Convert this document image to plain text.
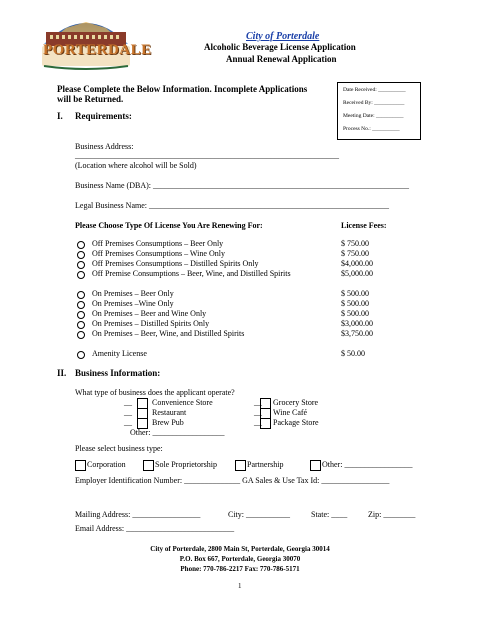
PORTERDALE
City of Porterdale
Alcoholic Beverage License Application
Annual Renewal Application
Date Received: __________
Received By: ___________
Meeting Date: __________
Process No.: __________
Please Complete the Below Information. Incomplete Applications
will be Returned.
I. Requirements:
Business Address:
__________________________________________________________________
(Location where alcohol will be Sold)
Business Name (DBA): ________________________________________________________________
Legal Business Name: ____________________________________________________________
Please Choose Type Of License You Are Renewing For:	License Fees:
Off Premises Consumptions – Beer Only	$ 750.00
Off Premises Consumptions – Wine Only	$ 750.00
Off Premises Consumptions – Distilled Spirits Only	$4,000.00
Off Premise Consumptions – Beer, Wine, and Distilled Spirits	$5,000.00
On Premises – Beer Only	$ 500.00
On Premises –Wine Only	$ 500.00
On Premises – Beer and Wine Only	$ 500.00
On Premises – Distilled Spirits Only	$3,000.00
On Premises – Beer, Wine, and Distilled Spirits	$3,750.00
Amenity License	$ 50.00
II. Business Information:
What type of business does the applicant operate?
__	Convenience Store
__	Restaurant
__	Brew Pub
__ Grocery Store
__ Wine Café
__ Package Store
Other: __________________
Please select business type:
Corporation	Sole Proprietorship	Partnership	Other: _________________
Employer Identification Number: ______________ GA Sales & Use Tax Id: _________________
Mailing Address: _________________	City: ___________	State: ____	Zip: ________
Email Address: ___________________________
City of Porterdale, 2800 Main St, Porterdale, Georgia 30014
P.O. Box 667, Porterdale, Georgia 30070
Phone: 770-786-2217 Fax: 770-786-5171
1
